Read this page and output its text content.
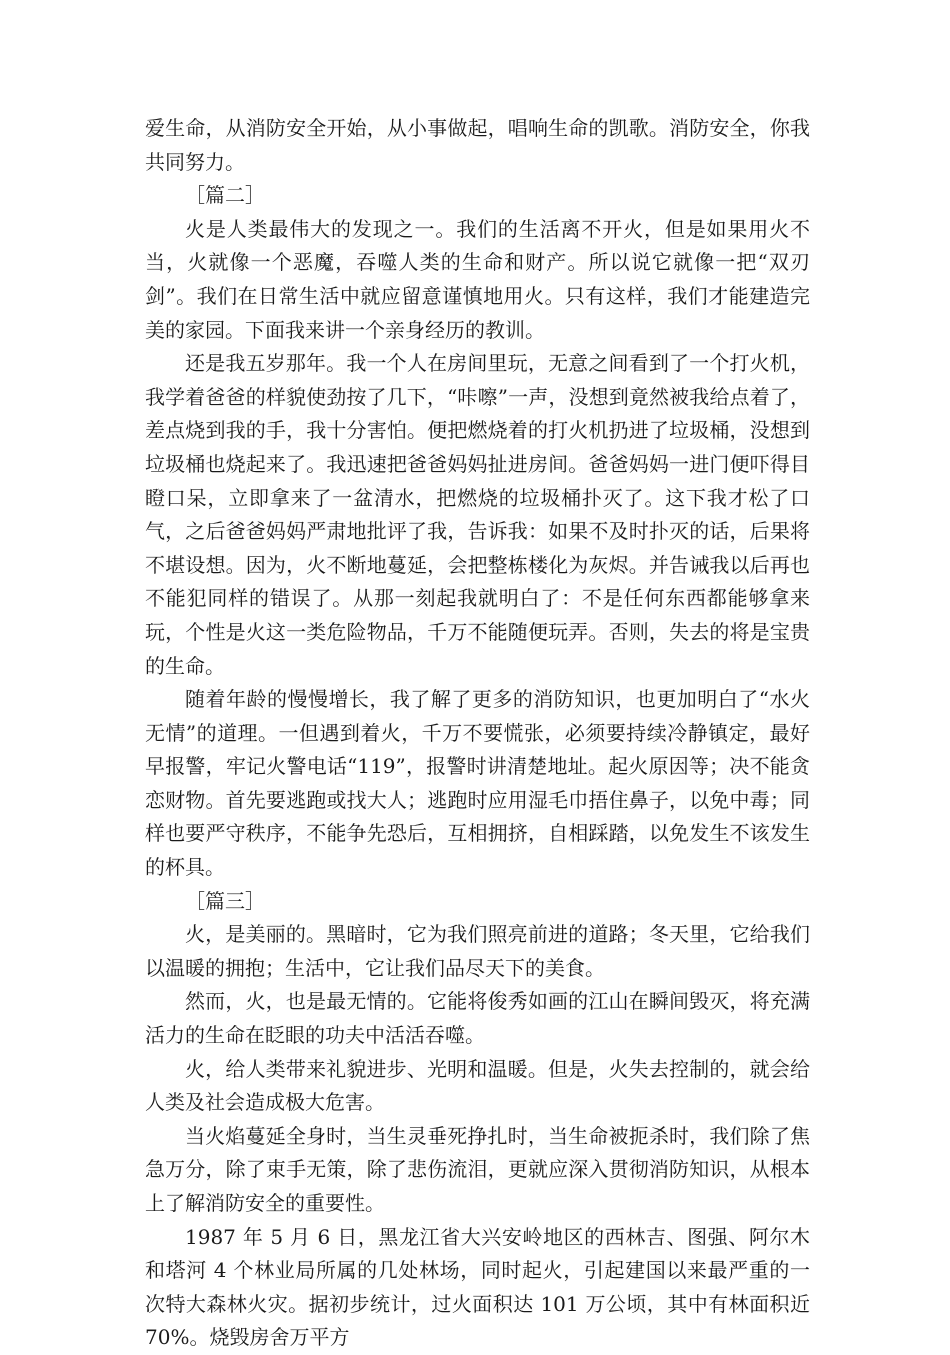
爱生命，从消防安全开始，从小事做起，唱响生命的凯歌。消防安全，你我共同努力。

［篇二］

火是人类最伟大的发现之一。我们的生活离不开火，但是如果用火不当，火就像一个恶魔，吞噬人类的生命和财产。所以说它就像一把“双刃剑”。我们在日常生活中就应留意谨慎地用火。只有这样，我们才能建造完美的家园。下面我来讲一个亲身经历的教训。

还是我五岁那年。我一个人在房间里玩，无意之间看到了一个打火机，我学着爸爸的样貌使劲按了几下，“咔嚓”一声，没想到竟然被我给点着了，差点烧到我的手，我十分害怕。便把燃烧着的打火机扔进了垃圾桶，没想到垃圾桶也烧起来了。我迅速把爸爸妈妈扯进房间。爸爸妈妈一进门便吓得目瞪口呆，立即拿来了一盆清水，把燃烧的垃圾桶扑灭了。这下我才松了口气，之后爸爸妈妈严肃地批评了我，告诉我：如果不及时扑灭的话，后果将不堪设想。因为，火不断地蔓延，会把整栋楼化为灰烬。并告诫我以后再也不能犯同样的错误了。从那一刻起我就明白了：不是任何东西都能够拿来玩，个性是火这一类危险物品，千万不能随便玩弄。否则，失去的将是宝贵的生命。

随着年龄的慢慢增长，我了解了更多的消防知识，也更加明白了“水火无情”的道理。一但遇到着火，千万不要慌张，必须要持续冷静镇定，最好早报警，牢记火警电话“119”，报警时讲清楚地址。起火原因等；决不能贪恋财物。首先要逃跑或找大人；逃跑时应用湿毛巾捂住鼻子，以免中毒；同样也要严守秩序，不能争先恐后，互相拥挤，自相踩踏，以免发生不该发生的杯具。

［篇三］

火，是美丽的。黑暗时，它为我们照亮前进的道路；冬天里，它给我们以温暖的拥抱；生活中，它让我们品尽天下的美食。

然而，火，也是最无情的。它能将俊秀如画的江山在瞬间毁灭，将充满活力的生命在眨眼的功夫中活活吞噬。

火，给人类带来礼貌进步、光明和温暖。但是，火失去控制的，就会给人类及社会造成极大危害。

当火焰蔓延全身时，当生灵垂死挣扎时，当生命被扼杀时，我们除了焦急万分，除了束手无策，除了悲伤流泪，更就应深入贯彻消防知识，从根本上了解消防安全的重要性。

1987 年 5 月 6 日，黑龙江省大兴安岭地区的西林吉、图强、阿尔木和塔河 4 个林业局所属的几处林场，同时起火，引起建国以来最严重的一次特大森林火灾。据初步统计，过火面积达 101 万公顷，其中有林面积近 70%。烧毁房舍万平方
